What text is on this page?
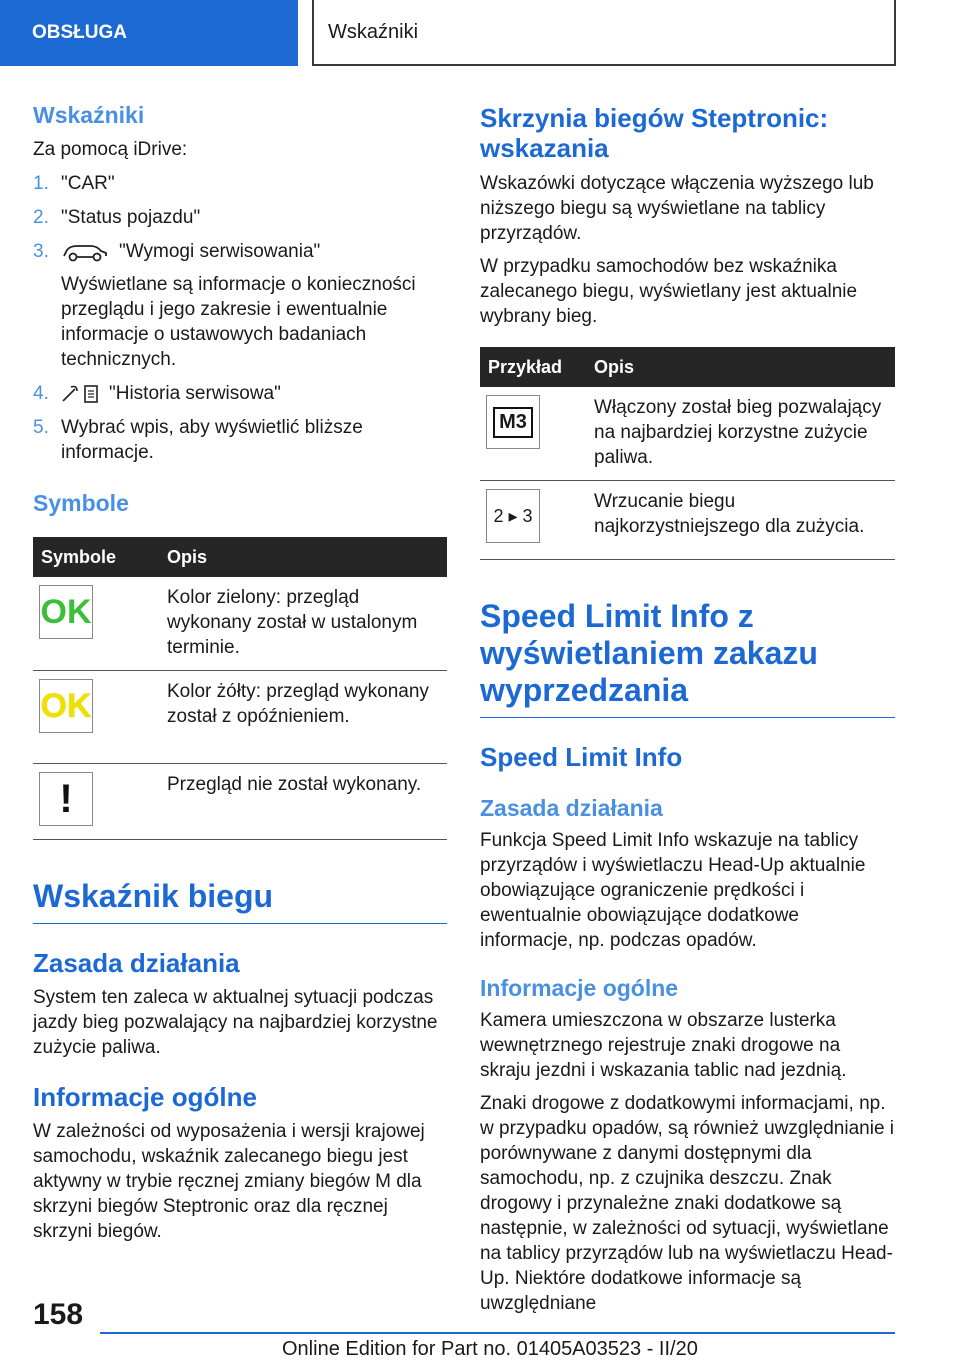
OBSŁUGA	Wskaźniki
Wskaźniki

Za pomocą iDrive:

1. "CAR"
2. "Status pojazdu"
3.	"Wymogi serwisowania"
Wyświetlane są informacje o konieczności przeglądu i jego zakresie i ewentualnie informacje o ustawowych badaniach technicznych.
4.	"Historia serwisowa"
5. Wybrać wpis, aby wyświetlić bliższe informacje.
Symbole
Symbole	Opis

OK	Kolor zielony: przegląd wykonany został w ustalonym terminie.

OK	Kolor żółty: przegląd wykonany został z opóźnieniem.

!	Przegląd nie został wykonany.
Wskaźnik biegu
Zasada działania

System ten zaleca w aktualnej sytuacji podczas jazdy bieg pozwalający na najbardziej korzystne zużycie paliwa.

Informacje ogólne

W zależności od wyposażenia i wersji krajowej samochodu, wskaźnik zalecanego biegu jest aktywny w trybie ręcznej zmiany biegów M dla skrzyni biegów Steptronic oraz dla ręcznej skrzyni biegów.

Skrzynia biegów Steptronic: wskazania

Wskazówki dotyczące włączenia wyższego lub niższego biegu są wyświetlane na tablicy przyrządów.

W przypadku samochodów bez wskaźnika zalecanego biegu, wyświetlany jest aktualnie wybrany bieg.

Przykład	Opis

M3	Włączony został bieg pozwalający na najbardziej korzystne zużycie paliwa.

2 ▸ 3	Wrzucanie biegu najkorzystniejszego dla zużycia.
Speed Limit Info z wyświetlaniem zakazu wyprzedzania
Speed Limit Info
Zasada działania

Funkcja Speed Limit Info wskazuje na tablicy przyrządów i wyświetlaczu Head-Up aktualnie obowiązujące ograniczenie prędkości i ewentualnie obowiązujące dodatkowe informacje, np. podczas opadów.

Informacje ogólne

Kamera umieszczona w obszarze lusterka wewnętrznego rejestruje znaki drogowe na skraju jezdni i wskazania tablic nad jezdnią.

Znaki drogowe z dodatkowymi informacjami, np. w przypadku opadów, są również uwzględnianie i porównywane z danymi dostępnymi dla samochodu, np. z czujnika deszczu. Znak drogowy i przynależne znaki dodatkowe są następnie, w zależności od sytuacji, wyświetlane na tablicy przyrządów lub na wyświetlaczu Head-Up. Niektóre dodatkowe informacje są uwzględniane

158
Online Edition for Part no. 01405A03523 - II/20
